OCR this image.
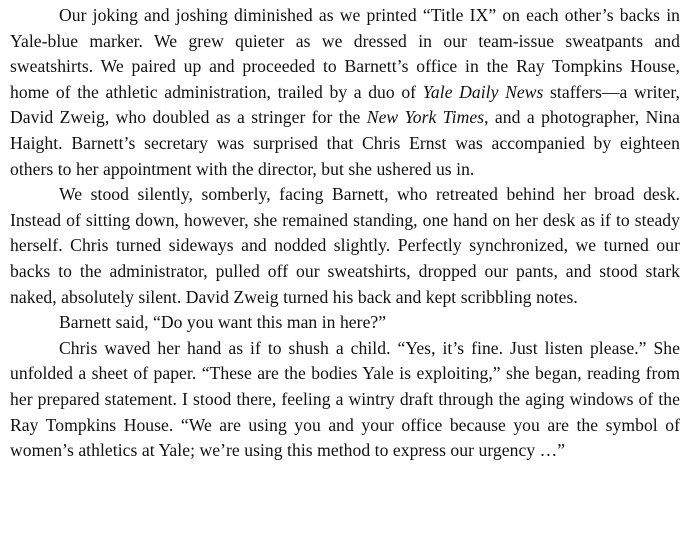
Our joking and joshing diminished as we printed “Title IX” on each other’s backs in Yale-blue marker. We grew quieter as we dressed in our team-issue sweatpants and sweatshirts. We paired up and proceeded to Barnett’s office in the Ray Tompkins House, home of the athletic administration, trailed by a duo of Yale Daily News staffers—a writer, David Zweig, who doubled as a stringer for the New York Times, and a photographer, Nina Haight. Barnett’s secretary was surprised that Chris Ernst was accompanied by eighteen others to her appointment with the director, but she ushered us in.

We stood silently, somberly, facing Barnett, who retreated behind her broad desk. Instead of sitting down, however, she remained standing, one hand on her desk as if to steady herself. Chris turned sideways and nodded slightly. Perfectly synchronized, we turned our backs to the administrator, pulled off our sweatshirts, dropped our pants, and stood stark naked, absolutely silent. David Zweig turned his back and kept scribbling notes.

Barnett said, “Do you want this man in here?”

Chris waved her hand as if to shush a child. “Yes, it’s fine. Just listen please.” She unfolded a sheet of paper. “These are the bodies Yale is exploiting,” she began, reading from her prepared statement. I stood there, feeling a wintry draft through the aging windows of the Ray Tompkins House. “We are using you and your office because you are the symbol of women’s athletics at Yale; we’re using this method to express our urgency …”
